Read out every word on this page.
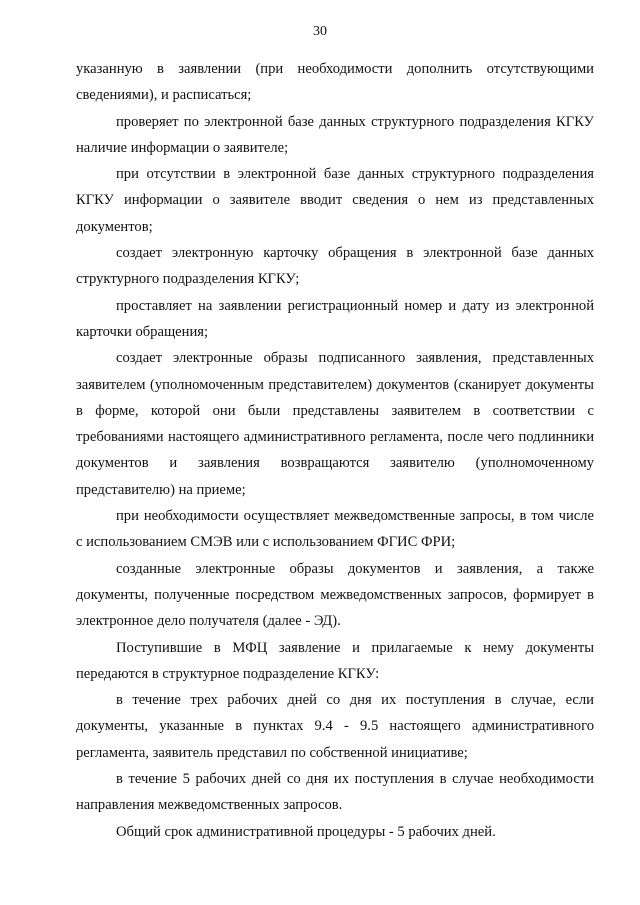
30

указанную в заявлении (при необходимости дополнить отсутствующими сведениями), и расписаться;

проверяет по электронной базе данных структурного подразделения КГКУ наличие информации о заявителе;

при отсутствии в электронной базе данных структурного подразделения КГКУ информации о заявителе вводит сведения о нем из представленных документов;

создает электронную карточку обращения в электронной базе данных структурного подразделения КГКУ;

проставляет на заявлении регистрационный номер и дату из электронной карточки обращения;

создает электронные образы подписанного заявления, представленных заявителем (уполномоченным представителем) документов (сканирует документы в форме, которой они были представлены заявителем в соответствии с требованиями настоящего административного регламента, после чего подлинники документов и заявления возвращаются заявителю (уполномоченному представителю) на приеме;

при необходимости осуществляет межведомственные запросы, в том числе с использованием СМЭВ или с использованием ФГИС ФРИ;

созданные электронные образы документов и заявления, а также документы, полученные посредством межведомственных запросов, формирует в электронное дело получателя (далее - ЭД).

Поступившие в МФЦ заявление и прилагаемые к нему документы передаются в структурное подразделение КГКУ:

в течение трех рабочих дней со дня их поступления в случае, если документы, указанные в пунктах 9.4 - 9.5 настоящего административного регламента, заявитель представил по собственной инициативе;

в течение 5 рабочих дней со дня их поступления в случае необходимости направления межведомственных запросов.

Общий срок административной процедуры - 5 рабочих дней.
